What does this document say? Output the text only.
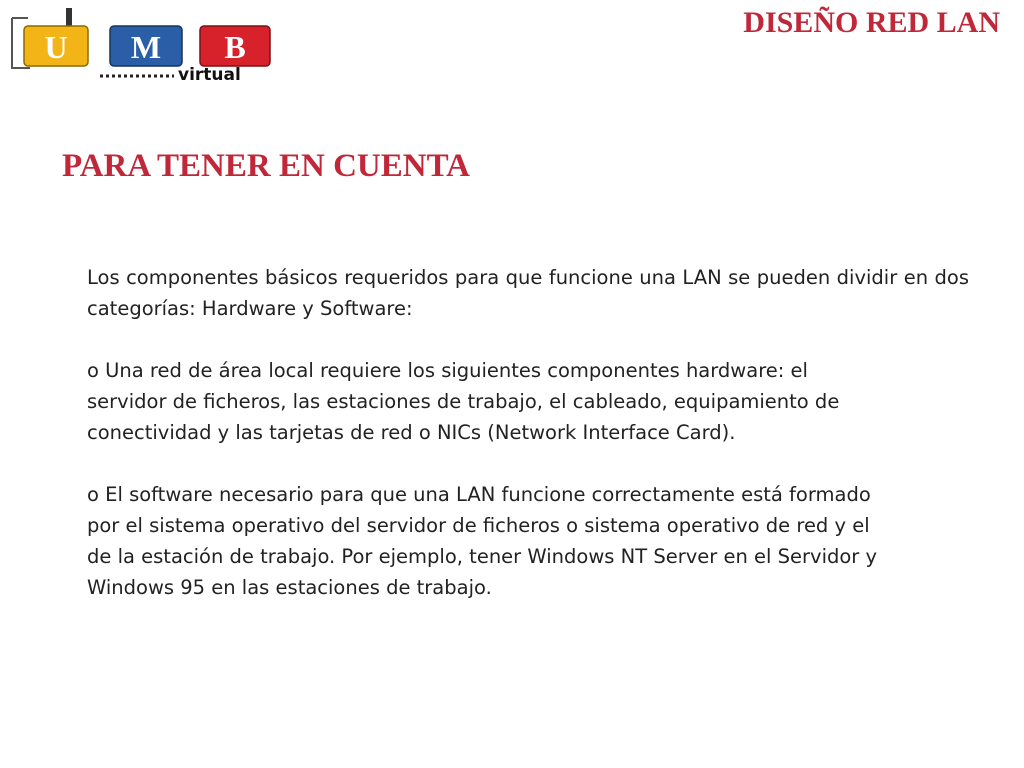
U M B
virtual
DISEÑO RED LAN
PARA TENER EN CUENTA

Los componentes básicos requeridos para que funcione una LAN se pueden dividir en dos categorías: Hardware y Software:

o Una red de área local requiere los siguientes componentes hardware: el servidor de ficheros, las estaciones de trabajo, el cableado, equipamiento de conectividad y las tarjetas de red o NICs (Network Interface Card).

o El software necesario para que una LAN funcione correctamente está formado por el sistema operativo del servidor de ficheros o sistema operativo de red y el de la estación de trabajo. Por ejemplo, tener Windows NT Server en el Servidor y Windows 95 en las estaciones de trabajo.
